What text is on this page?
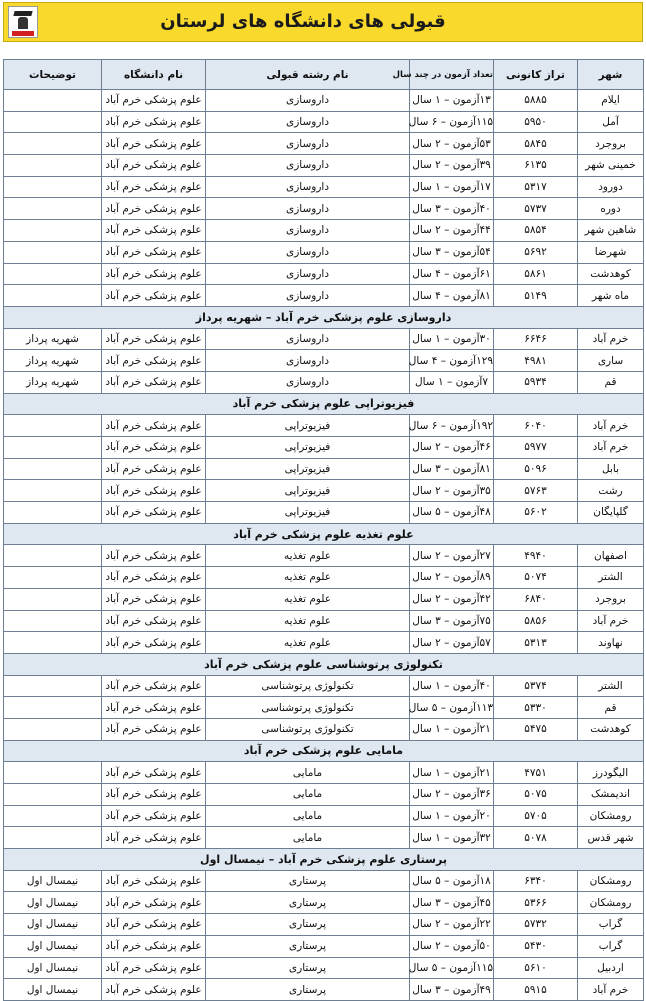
قبولی های دانشگاه های لرستان
شهر	تراز کانونی	تعداد آزمون در چند سال	نام رشته قبولی	نام دانشگاه	توضیحات
ایلام	۵۸۸۵	۱۳آزمون – ۱ سال	داروسازی	علوم پزشکی خرم آباد	
آمل	۵۹۵۰	۱۱۵آزمون – ۶ سال	داروسازی	علوم پزشکی خرم آباد	
بروجرد	۵۸۴۵	۵۳آزمون – ۲ سال	داروسازی	علوم پزشکی خرم آباد	
خمینی شهر	۶۱۳۵	۳۹آزمون – ۲ سال	داروسازی	علوم پزشکی خرم آباد	
دورود	۵۳۱۷	۱۷آزمون – ۱ سال	داروسازی	علوم پزشکی خرم آباد	
دوره	۵۷۳۷	۴۰آزمون – ۳ سال	داروسازی	علوم پزشکی خرم آباد	
شاهین شهر	۵۸۵۴	۴۴آزمون – ۲ سال	داروسازی	علوم پزشکی خرم آباد	
شهرضا	۵۶۹۲	۵۴آزمون – ۳ سال	داروسازی	علوم پزشکی خرم آباد	
کوهدشت	۵۸۶۱	۶۱آزمون – ۴ سال	داروسازی	علوم پزشکی خرم آباد	
ماه شهر	۵۱۴۹	۸۱آزمون – ۴ سال	داروسازی	علوم پزشکی خرم آباد	
داروسازی علوم پزشکی خرم آباد – شهریه پرداز					
خرم آباد	۶۶۴۶	۳۰آزمون – ۱ سال	داروسازی	علوم پزشکی خرم آباد	شهریه پرداز
ساری	۴۹۸۱	۱۲۹آزمون – ۴ سال	داروسازی	علوم پزشکی خرم آباد	شهریه پرداز
قم	۵۹۳۴	۷آزمون – ۱ سال	داروسازی	علوم پزشکی خرم آباد	شهریه پرداز
فیزیوتراپی علوم پزشکی خرم آباد					
خرم آباد	۶۰۴۰	۱۹۲آزمون – ۶ سال	فیزیوتراپی	علوم پزشکی خرم آباد	
خرم آباد	۵۹۷۷	۴۶آزمون – ۲ سال	فیزیوتراپی	علوم پزشکی خرم آباد	
بابل	۵۰۹۶	۸۱آزمون – ۳ سال	فیزیوتراپی	علوم پزشکی خرم آباد	
رشت	۵۷۶۳	۳۵آزمون – ۲ سال	فیزیوتراپی	علوم پزشکی خرم آباد	
گلپایگان	۵۶۰۲	۴۸آزمون – ۵ سال	فیزیوتراپی	علوم پزشکی خرم آباد	
علوم تغذیه علوم پزشکی خرم آباد					
اصفهان	۴۹۴۰	۲۷آزمون – ۲ سال	علوم تغذیه	علوم پزشکی خرم آباد	
الشتر	۵۰۷۴	۸۹آزمون – ۲ سال	علوم تغذیه	علوم پزشکی خرم آباد	
بروجرد	۶۸۴۰	۴۲آزمون – ۲ سال	علوم تغذیه	علوم پزشکی خرم آباد	
خرم آباد	۵۸۵۶	۷۵آزمون – ۳ سال	علوم تغذیه	علوم پزشکی خرم آباد	
نهاوند	۵۳۱۳	۵۷آزمون – ۲ سال	علوم تغذیه	علوم پزشکی خرم آباد	
تکنولوژی پرتوشناسی علوم پزشکی خرم آباد					
الشتر	۵۳۷۴	۴۰آزمون – ۱ سال	تکنولوژی پرتوشناسی	علوم پزشکی خرم آباد	
قم	۵۳۳۰	۱۱۳آزمون – ۵ سال	تکنولوژی پرتوشناسی	علوم پزشکی خرم آباد	
کوهدشت	۵۴۷۵	۲۱آزمون – ۱ سال	تکنولوژی پرتوشناسی	علوم پزشکی خرم آباد	
مامایی علوم پزشکی خرم آباد					
الیگودرز	۴۷۵۱	۲۱آزمون – ۱ سال	مامایی	علوم پزشکی خرم آباد	
اندیمشک	۵۰۷۵	۳۶آزمون – ۲ سال	مامایی	علوم پزشکی خرم آباد	
رومشکان	۵۷۰۵	۲۰آزمون – ۱ سال	مامایی	علوم پزشکی خرم آباد	
شهر قدس	۵۰۷۸	۳۲آزمون – ۱ سال	مامایی	علوم پزشکی خرم آباد	
پرستاری علوم پزشکی خرم آباد – نیمسال اول					
رومشکان	۶۳۴۰	۱۸آزمون – ۵ سال	پرستاری	علوم پزشکی خرم آباد	نیمسال اول
رومشکان	۵۳۶۶	۴۵آزمون – ۳ سال	پرستاری	علوم پزشکی خرم آباد	نیمسال اول
گراب	۵۷۳۲	۲۲آزمون – ۲ سال	پرستاری	علوم پزشکی خرم آباد	نیمسال اول
گراب	۵۴۳۰	۵۰آزمون – ۲ سال	پرستاری	علوم پزشکی خرم آباد	نیمسال اول
اردبیل	۵۶۱۰	۱۱۵آزمون – ۵ سال	پرستاری	علوم پزشکی خرم آباد	نیمسال اول
خرم آباد	۵۹۱۵	۴۹آزمون – ۳ سال	پرستاری	علوم پزشکی خرم آباد	نیمسال اول
